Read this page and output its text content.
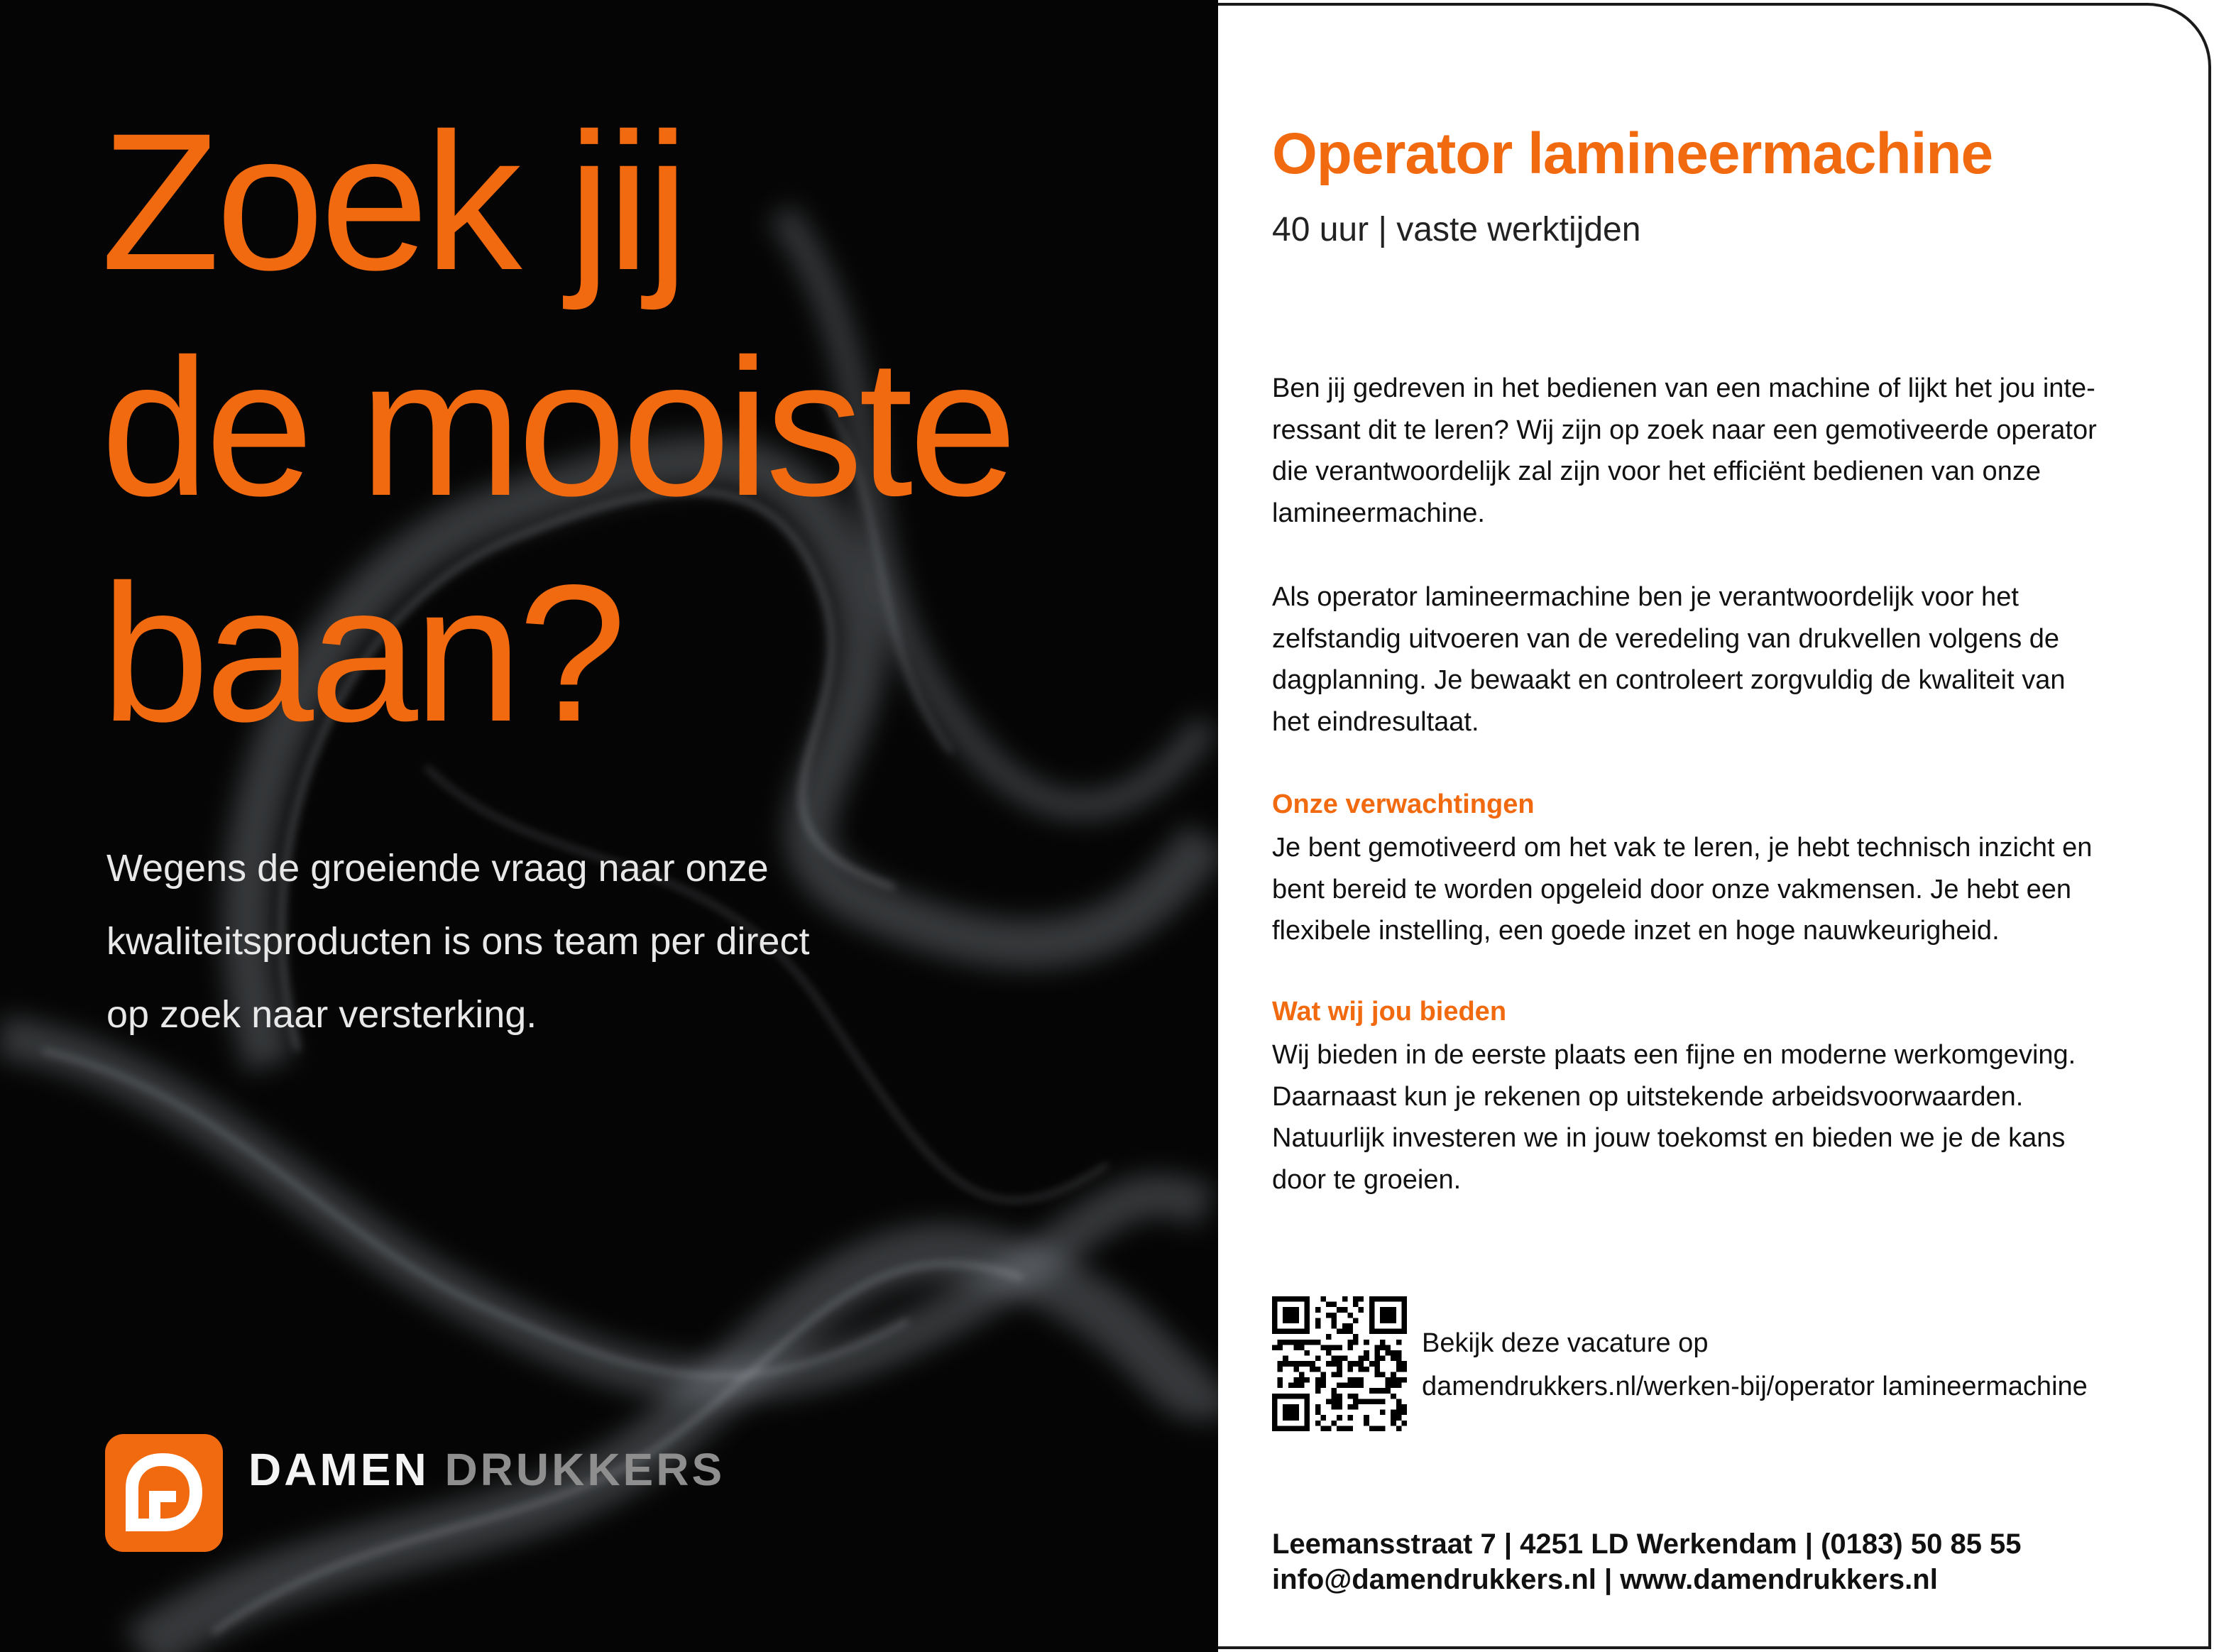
Zoek jij
de mooiste
baan?

Wegens de groeiende vraag naar onze
kwaliteitsproducten is ons team per direct
op zoek naar versterking.

DAMEN DRUKKERS
Operator lamineermachine

40 uur | vaste werktijden

Ben jij gedreven in het bedienen van een machine of lijkt het jou inte-
ressant dit te leren? Wij zijn op zoek naar een gemotiveerde operator
die verantwoordelijk zal zijn voor het efficiënt bedienen van onze
lamineermachine.

Als operator lamineermachine ben je verantwoordelijk voor het
zelfstandig uitvoeren van de veredeling van drukvellen volgens de
dagplanning. Je bewaakt en controleert zorgvuldig de kwaliteit van
het eindresultaat.

Onze verwachtingen

Je bent gemotiveerd om het vak te leren, je hebt technisch inzicht en
bent bereid te worden opgeleid door onze vakmensen. Je hebt een
flexibele instelling, een goede inzet en hoge nauwkeurigheid.

Wat wij jou bieden

Wij bieden in de eerste plaats een fijne en moderne werkomgeving.
Daarnaast kun je rekenen op uitstekende arbeidsvoorwaarden.
Natuurlijk investeren we in jouw toekomst en bieden we je de kans
door te groeien.

Bekijk deze vacature op
damendrukkers.nl/werken-bij/operator lamineermachine

Leemansstraat 7 | 4251 LD Werkendam | (0183) 50 85 55
info@damendrukkers.nl | www.damendrukkers.nl
